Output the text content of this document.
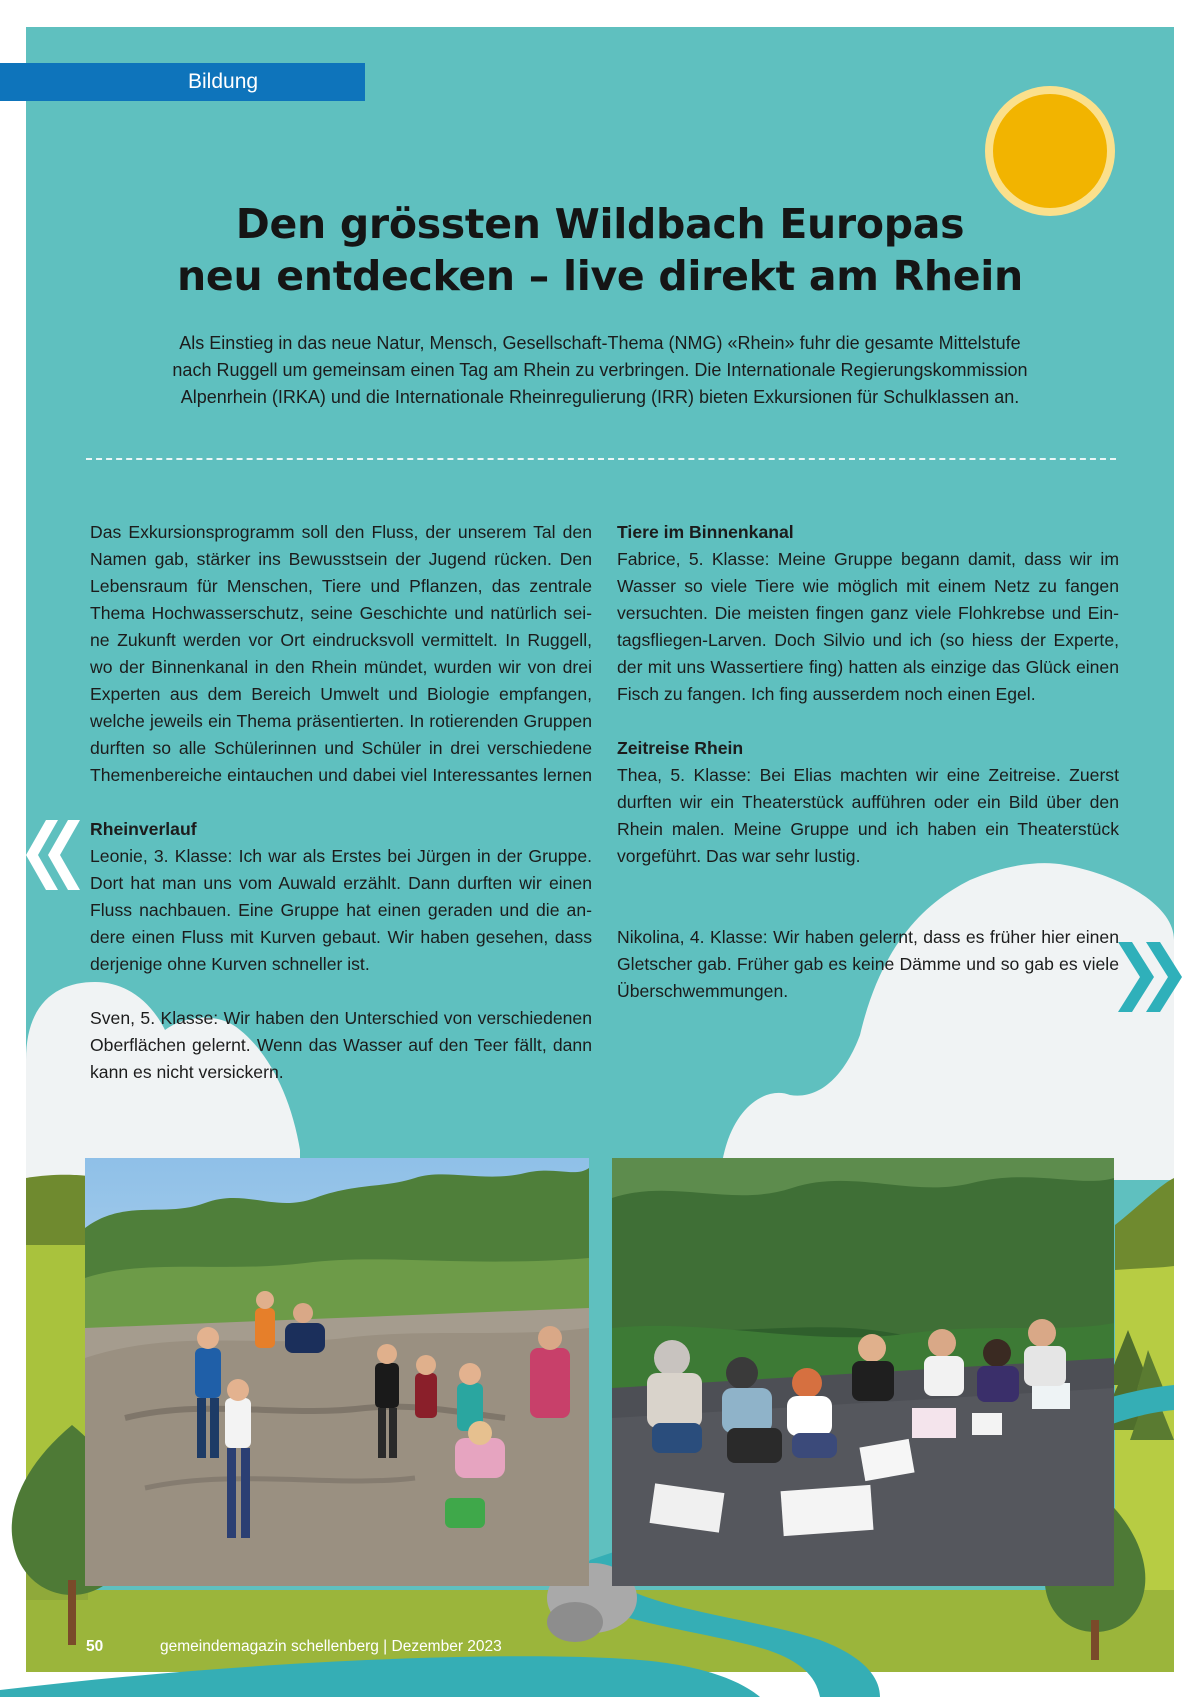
Bildung
Den grössten Wildbach Europas
neu entdecken – live direkt am Rhein
Als Einstieg in das neue Natur, Mensch, Gesellschaft-Thema (NMG) «Rhein» fuhr die gesamte Mittelstufe
nach Ruggell um gemeinsam einen Tag am Rhein zu verbringen. Die Internationale Regierungskommission
Alpenrhein (IRKA) und die Internationale Rheinregulierung (IRR) bieten Exkursionen für Schulklassen an.
Das Exkursionsprogramm soll den Fluss, der unserem Tal den
Namen gab, stärker ins Bewusstsein der Jugend rücken. Den
Lebensraum für Menschen, Tiere und Pflanzen, das zentrale
Thema Hochwasserschutz, seine Geschichte und natürlich sei-
ne Zukunft werden vor Ort eindrucksvoll vermittelt. In Ruggell,
wo der Binnenkanal in den Rhein mündet, wurden wir von drei
Experten aus dem Bereich Umwelt und Biologie empfangen,
welche jeweils ein Thema präsentierten. In rotierenden Gruppen
durften so alle Schülerinnen und Schüler in drei verschiedene
Themenbereiche eintauchen und dabei viel Interessantes lernen
Rheinverlauf
Leonie, 3. Klasse: Ich war als Erstes bei Jürgen in der Gruppe.
Dort hat man uns vom Auwald erzählt. Dann durften wir einen
Fluss nachbauen. Eine Gruppe hat einen geraden und die an-
dere einen Fluss mit Kurven gebaut. Wir haben gesehen, dass
derjenige ohne Kurven schneller ist.
Sven, 5. Klasse: Wir haben den Unterschied von verschiedenen
Oberflächen gelernt. Wenn das Wasser auf den Teer fällt, dann
kann es nicht versickern.
Tiere im Binnenkanal
Fabrice, 5. Klasse: Meine Gruppe begann damit, dass wir im
Wasser so viele Tiere wie möglich mit einem Netz zu fangen
versuchten. Die meisten fingen ganz viele Flohkrebse und Ein-
tagsfliegen-Larven. Doch Silvio und ich (so hiess der Experte,
der mit uns Wassertiere fing) hatten als einzige das Glück einen
Fisch zu fangen. Ich fing ausserdem noch einen Egel.
Zeitreise Rhein
Thea, 5. Klasse: Bei Elias machten wir eine Zeitreise. Zuerst
durften wir ein Theaterstück aufführen oder ein Bild über den
Rhein malen. Meine Gruppe und ich haben ein Theaterstück
vorgeführt. Das war sehr lustig.
Nikolina, 4. Klasse: Wir haben gelernt, dass es früher hier einen
Gletscher gab. Früher gab es keine Dämme und so gab es viele
Überschwemmungen.
50	gemeindemagazin schellenberg | Dezember 2023
